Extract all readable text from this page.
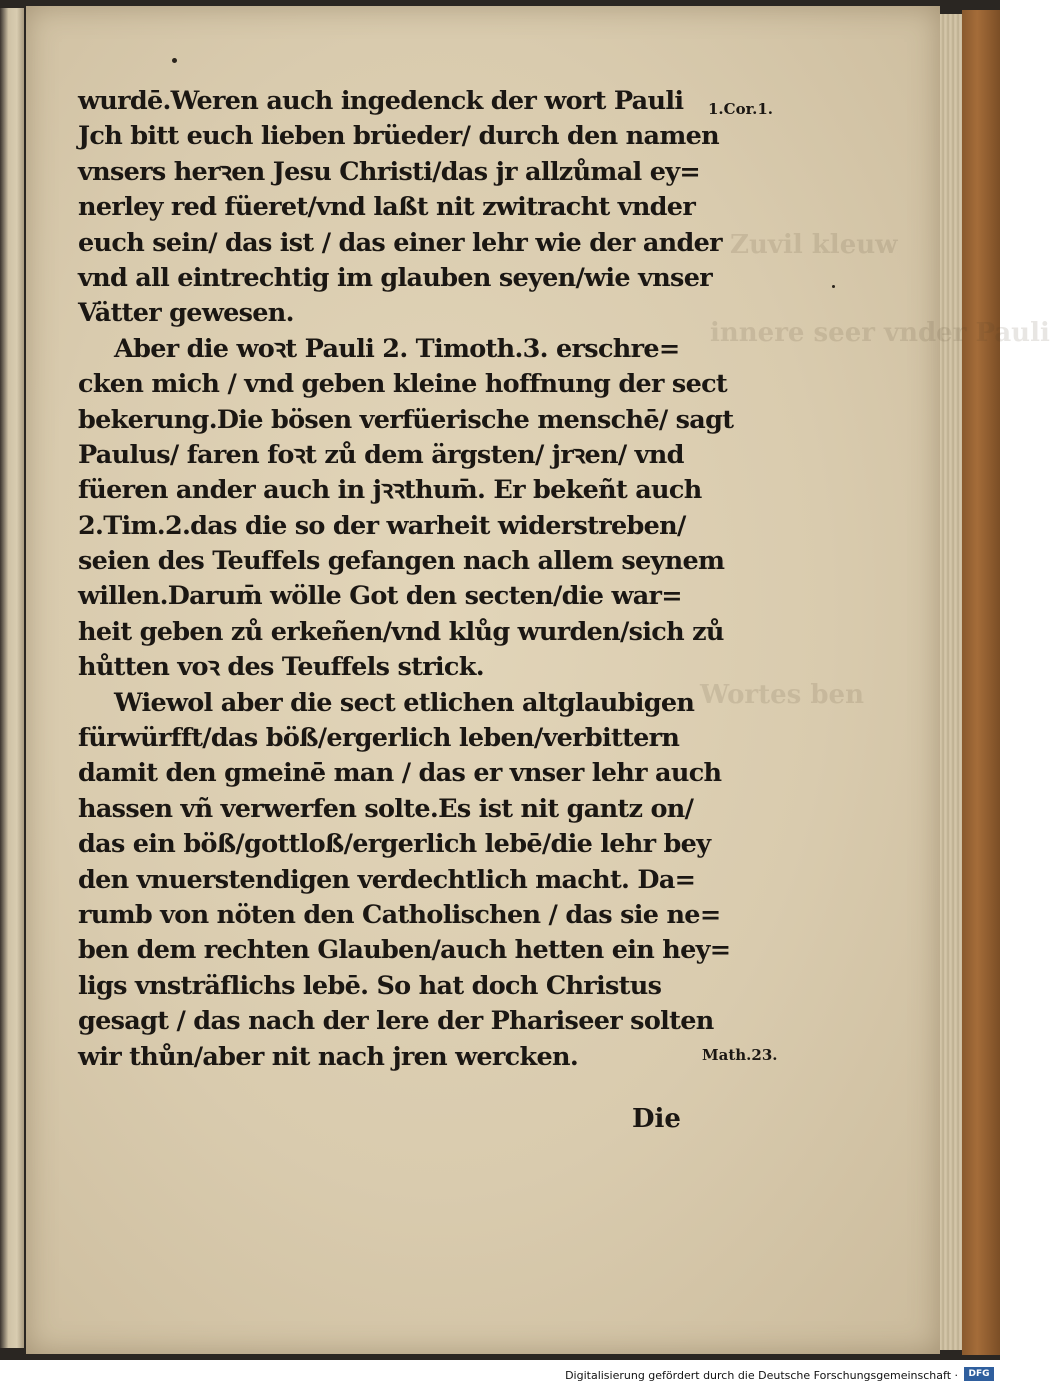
Zuvil kleuw
innere seer vnder Pauli
Wortes ben
wurdē.Weren auch ingedenck der wort Pauli
Jch bitt euch lieben brüeder/ durch den namen
vnsers herꝛen Jesu Christi/das jr allzůmal ey=
nerley red füeret/vnd laßt nit zwitracht vnder
euch sein/ das ist / das einer lehr wie der ander
vnd all eintrechtig im glauben seyen/wie vnser
Vätter gewesen.
Aber die woꝛt Pauli 2. Timoth.3. erschre=
cken mich / vnd geben kleine hoffnung der sect
bekerung.Die bösen verfüerische menschē/ sagt
Paulus/ faren foꝛt zů dem ärgsten/ jrꝛen/ vnd
füeren ander auch in jꝛꝛthum̄. Er bekeñt auch
2.Tim.2.das die so der warheit widerstreben/
seien des Teuffels gefangen nach allem seynem
willen.Darum̄ wölle Got den secten/die war=
heit geben zů erkeñen/vnd klůg wurden/sich zů
hůtten voꝛ des Teuffels strick.
Wiewol aber die sect etlichen altglaubigen
fürwürfft/das böß/ergerlich leben/verbittern
damit den gmeinē man / das er vnser lehr auch
hassen vñ verwerfen solte.Es ist nit gantz on/
das ein böß/gottloß/ergerlich lebē/die lehr bey
den vnuerstendigen verdechtlich macht. Da=
rumb von nöten den Catholischen / das sie ne=
ben dem rechten Glauben/auch hetten ein hey=
ligs vnsträflichs lebē. So hat doch Christus
gesagt / das nach der lere der Phariseer solten
wir thůn/aber nit nach jren wercken.
1.Cor.1.
Math.23.
Die
Digitalisierung gefördert durch die Deutsche Forschungsgemeinschaft ·	DFG
